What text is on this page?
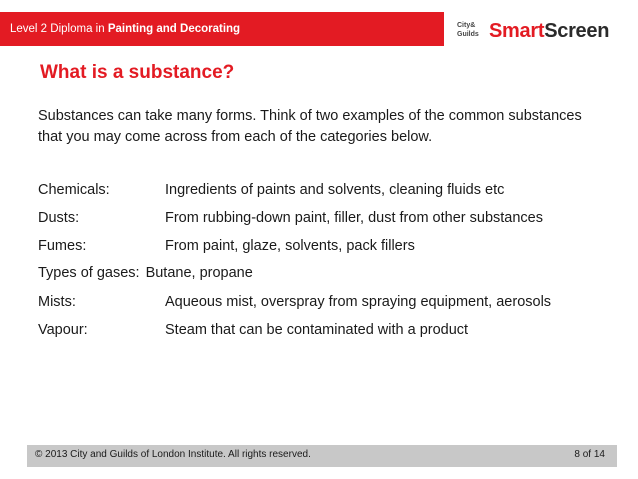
Level 2 Diploma in Painting and Decorating	City&
Guilds Smart Screen
What is a substance?
Substances can take many forms. Think of two examples of the common substances that you may come across from each of the categories below.
Chemicals:	Ingredients of paints and solvents, cleaning fluids etc
Dusts:	From rubbing-down paint, filler, dust from other substances
Fumes:	From paint, glaze, solvents, pack fillers
Types of gases: Butane, propane
Mists:	Aqueous mist, overspray from spraying equipment, aerosols
Vapour:	Steam that can be contaminated with a product
© 2013 City and Guilds of London Institute. All rights reserved.	8 of 14
